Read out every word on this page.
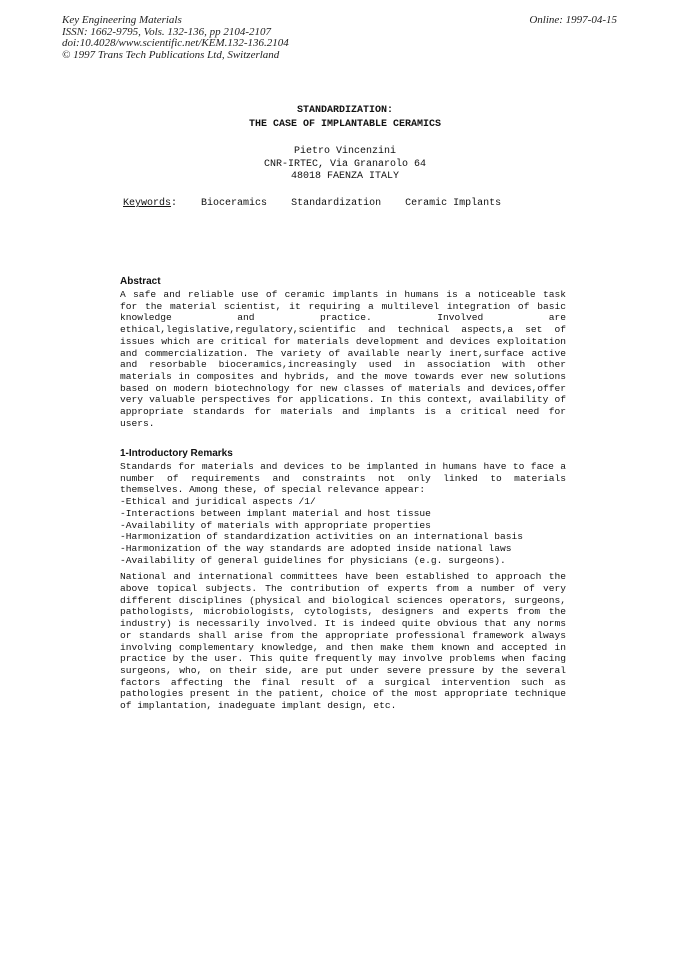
Key Engineering Materials
ISSN: 1662-9795, Vols. 132-136, pp 2104-2107
doi:10.4028/www.scientific.net/KEM.132-136.2104
© 1997 Trans Tech Publications Ltd, Switzerland
Online: 1997-04-15
STANDARDIZATION:
THE CASE OF IMPLANTABLE CERAMICS
Pietro Vincenzini
CNR-IRTEC, Via Granarolo 64
48018 FAENZA ITALY
Keywords: Bioceramics Standardization Ceramic Implants
Abstract
A safe and reliable use of ceramic implants in humans is a noticeable task for the material scientist, it requiring a multilevel integration of basic knowledge and practice. Involved are ethical,legislative,regulatory,scientific and technical aspects,a set of issues which are critical for materials development and devices exploitation and commercialization. The variety of available nearly inert,surface active and resorbable bioceramics,increasingly used in association with other materials in composites and hybrids, and the move towards ever new solutions based on modern biotechnology for new classes of materials and devices,offer very valuable perspectives for applications. In this context, availability of appropriate standards for materials and implants is a critical need for users.
1-Introductory Remarks
Standards for materials and devices to be implanted in humans have to face a number of requirements and constraints not only linked to materials themselves. Among these, of special relevance appear:
-Ethical and juridical aspects /1/
-Interactions between implant material and host tissue
-Availability of materials with appropriate properties
-Harmonization of standardization activities on an international basis
-Harmonization of the way standards are adopted inside national laws
-Availability of general guidelines for physicians (e.g. surgeons).
National and international committees have been established to approach the above topical subjects. The contribution of experts from a number of very different disciplines (physical and biological sciences operators, surgeons, pathologists, microbiologists, cytologists, designers and experts from the industry) is necessarily involved. It is indeed quite obvious that any norms or standards shall arise from the appropriate professional framework always involving complementary knowledge, and then make them known and accepted in practice by the user. This quite frequently may involve problems when facing surgeons, who, on their side, are put under severe pressure by the several factors affecting the final result of a surgical intervention such as pathologies present in the patient, choice of the most appropriate technique of implantation, inadeguate implant design, etc.
